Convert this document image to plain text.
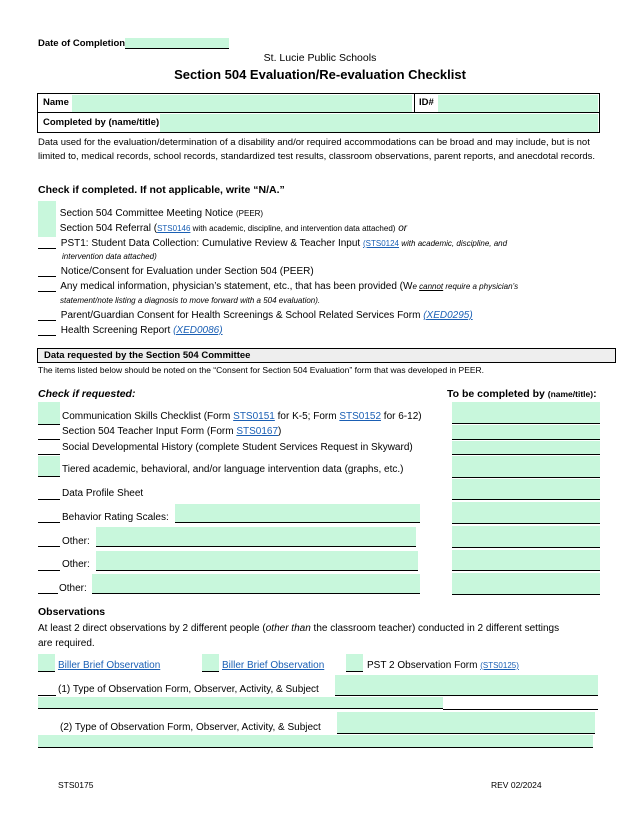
Date of Completion
St. Lucie Public Schools
Section 504 Evaluation/Re-evaluation Checklist
Name	ID#
Completed by (name/title)
Data used for the evaluation/determination of a disability and/or required accommodations can be broad and may include, but is not limited to, medical records, school records, standardized test results, classroom observations, parent reports, and anecdotal records.
Check if completed. If not applicable, write “N/A.”
Section 504 Committee Meeting Notice (PEER)
Section 504 Referral (STS0146 with academic, discipline, and intervention data attached) or
PST1: Student Data Collection: Cumulative Review & Teacher Input (STS0124 with academic, discipline, and
intervention data attached)
Notice/Consent for Evaluation under Section 504 (PEER)
Any medical information, physician’s statement, etc., that has been provided (We cannot require a physician’s
statement/note listing a diagnosis to move forward with a 504 evaluation).
Parent/Guardian Consent for Health Screenings & School Related Services Form (XED0295)
Health Screening Report (XED0086)
Data requested by the Section 504 Committee
The items listed below should be noted on the “Consent for Section 504 Evaluation” form that was developed in PEER.
Check if requested:	To be completed by (name/title):
Communication Skills Checklist (Form STS0151 for K-5; Form STS0152 for 6-12)
Section 504 Teacher Input Form (Form STS0167)
Social Developmental History (complete Student Services Request in Skyward)
Tiered academic, behavioral, and/or language intervention data (graphs, etc.)
Data Profile Sheet
Behavior Rating Scales:
Other:
Other:
Other:
Observations
At least 2 direct observations by 2 different people (other than the classroom teacher) conducted in 2 different settings
are required.
Biller Brief Observation	Biller Brief Observation	PST 2 Observation Form (STS0125)
(1) Type of Observation Form, Observer, Activity, & Subject
(2) Type of Observation Form, Observer, Activity, & Subject
STS0175	REV 02/2024
